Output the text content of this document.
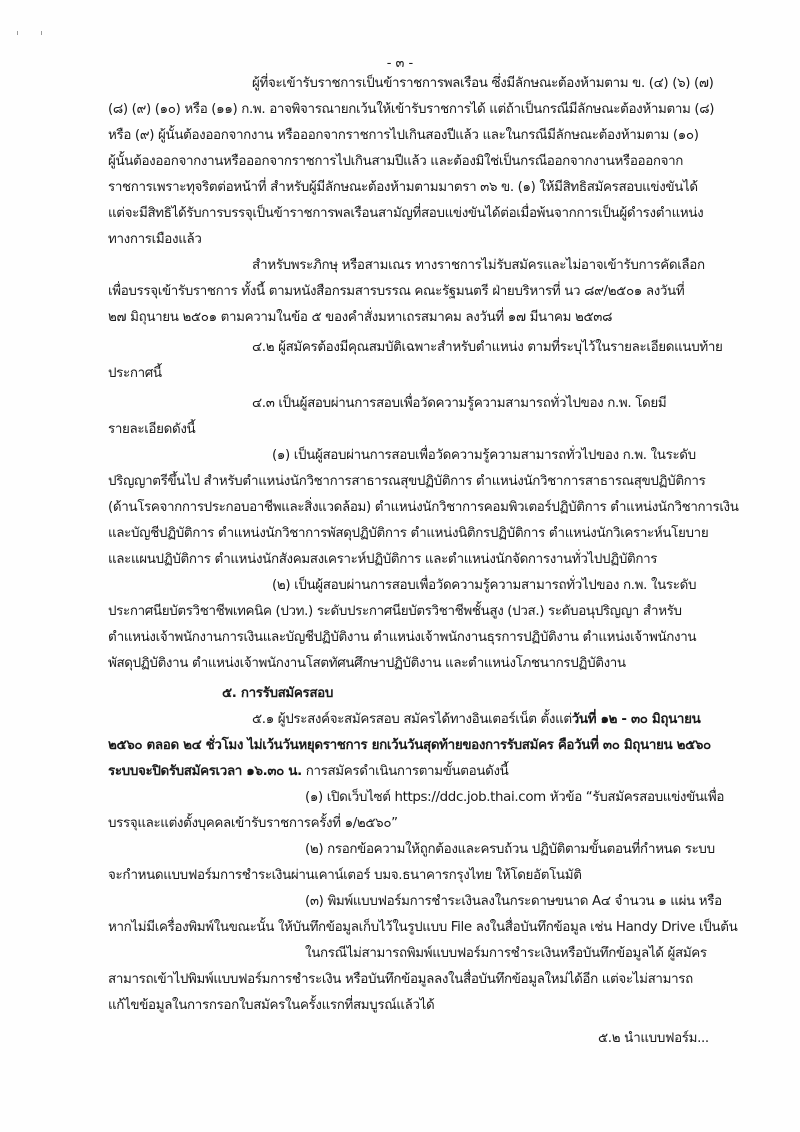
- ๓ -
ผู้ที่จะเข้ารับราชการเป็นข้าราชการพลเรือน ซึ่งมีลักษณะต้องห้ามตาม ข. (๔) (๖) (๗)
(๘) (๙) (๑๐) หรือ (๑๑) ก.พ. อาจพิจารณายกเว้นให้เข้ารับราชการได้ แต่ถ้าเป็นกรณีมีลักษณะต้องห้ามตาม (๘)
หรือ (๙) ผู้นั้นต้องออกจากงาน หรือออกจากราชการไปเกินสองปีแล้ว และในกรณีมีลักษณะต้องห้ามตาม (๑๐)
ผู้นั้นต้องออกจากงานหรือออกจากราชการไปเกินสามปีแล้ว และต้องมิใช่เป็นกรณีออกจากงานหรือออกจาก
ราชการเพราะทุจริตต่อหน้าที่ สำหรับผู้มีลักษณะต้องห้ามตามมาตรา ๓๖ ข. (๑) ให้มีสิทธิสมัครสอบแข่งขันได้
แต่จะมีสิทธิได้รับการบรรจุเป็นข้าราชการพลเรือนสามัญที่สอบแข่งขันได้ต่อเมื่อพ้นจากการเป็นผู้ดำรงตำแหน่ง
ทางการเมืองแล้ว
สำหรับพระภิกษุ หรือสามเณร ทางราชการไม่รับสมัครและไม่อาจเข้ารับการคัดเลือก
เพื่อบรรจุเข้ารับราชการ ทั้งนี้ ตามหนังสือกรมสารบรรณ คณะรัฐมนตรี ฝ่ายบริหารที่ นว ๘๙/๒๕๐๑ ลงวันที่
๒๗ มิถุนายน ๒๕๐๑ ตามความในข้อ ๕ ของคำสั่งมหาเถรสมาคม ลงวันที่ ๑๗ มีนาคม ๒๕๓๘
๔.๒ ผู้สมัครต้องมีคุณสมบัติเฉพาะสำหรับตำแหน่ง ตามที่ระบุไว้ในรายละเอียดแนบท้าย
ประกาศนี้
๔.๓ เป็นผู้สอบผ่านการสอบเพื่อวัดความรู้ความสามารถทั่วไปของ ก.พ. โดยมี
รายละเอียดดังนี้
(๑) เป็นผู้สอบผ่านการสอบเพื่อวัดความรู้ความสามารถทั่วไปของ ก.พ. ในระดับ
ปริญญาตรีขึ้นไป สำหรับตำแหน่งนักวิชาการสาธารณสุขปฏิบัติการ ตำแหน่งนักวิชาการสาธารณสุขปฏิบัติการ
(ด้านโรคจากการประกอบอาชีพและสิ่งแวดล้อม) ตำแหน่งนักวิชาการคอมพิวเตอร์ปฏิบัติการ ตำแหน่งนักวิชาการเงิน
และบัญชีปฏิบัติการ ตำแหน่งนักวิชาการพัสดุปฏิบัติการ ตำแหน่งนิติกรปฏิบัติการ ตำแหน่งนักวิเคราะห์นโยบาย
และแผนปฏิบัติการ ตำแหน่งนักสังคมสงเคราะห์ปฏิบัติการ และตำแหน่งนักจัดการงานทั่วไปปฏิบัติการ
(๒) เป็นผู้สอบผ่านการสอบเพื่อวัดความรู้ความสามารถทั่วไปของ ก.พ. ในระดับ
ประกาศนียบัตรวิชาชีพเทคนิค (ปวท.) ระดับประกาศนียบัตรวิชาชีพชั้นสูง (ปวส.) ระดับอนุปริญญา สำหรับ
ตำแหน่งเจ้าพนักงานการเงินและบัญชีปฏิบัติงาน ตำแหน่งเจ้าพนักงานธุรการปฏิบัติงาน ตำแหน่งเจ้าพนักงาน
พัสดุปฏิบัติงาน ตำแหน่งเจ้าพนักงานโสตทัศนศึกษาปฏิบัติงาน และตำแหน่งโภชนากรปฏิบัติงาน
๕. การรับสมัครสอบ
๕.๑ ผู้ประสงค์จะสมัครสอบ สมัครได้ทางอินเตอร์เน็ต ตั้งแต่วันที่ ๑๒ - ๓๐ มิถุนายน
๒๕๖๐ ตลอด ๒๔ ชั่วโมง ไม่เว้นวันหยุดราชการ ยกเว้นวันสุดท้ายของการรับสมัคร คือวันที่ ๓๐ มิถุนายน ๒๕๖๐
ระบบจะปิดรับสมัครเวลา ๑๖.๓๐ น. การสมัครดำเนินการตามขั้นตอนดังนี้
(๑) เปิดเว็บไซต์ https://ddc.job.thai.com หัวข้อ “รับสมัครสอบแข่งขันเพื่อ
บรรจุและแต่งตั้งบุคคลเข้ารับราชการครั้งที่ ๑/๒๕๖๐”
(๒) กรอกข้อความให้ถูกต้องและครบถ้วน ปฏิบัติตามขั้นตอนที่กำหนด ระบบ
จะกำหนดแบบฟอร์มการชำระเงินผ่านเคาน์เตอร์ บมจ.ธนาคารกรุงไทย ให้โดยอัตโนมัติ
(๓) พิมพ์แบบฟอร์มการชำระเงินลงในกระดาษขนาด A๔ จำนวน ๑ แผ่น หรือ
หากไม่มีเครื่องพิมพ์ในขณะนั้น ให้บันทึกข้อมูลเก็บไว้ในรูปแบบ File ลงในสื่อบันทึกข้อมูล เช่น Handy Drive เป็นต้น
ในกรณีไม่สามารถพิมพ์แบบฟอร์มการชำระเงินหรือบันทึกข้อมูลได้ ผู้สมัคร
สามารถเข้าไปพิมพ์แบบฟอร์มการชำระเงิน หรือบันทึกข้อมูลลงในสื่อบันทึกข้อมูลใหม่ได้อีก แต่จะไม่สามารถ
แก้ไขข้อมูลในการกรอกใบสมัครในครั้งแรกที่สมบูรณ์แล้วได้
๕.๒ นำแบบฟอร์ม...
